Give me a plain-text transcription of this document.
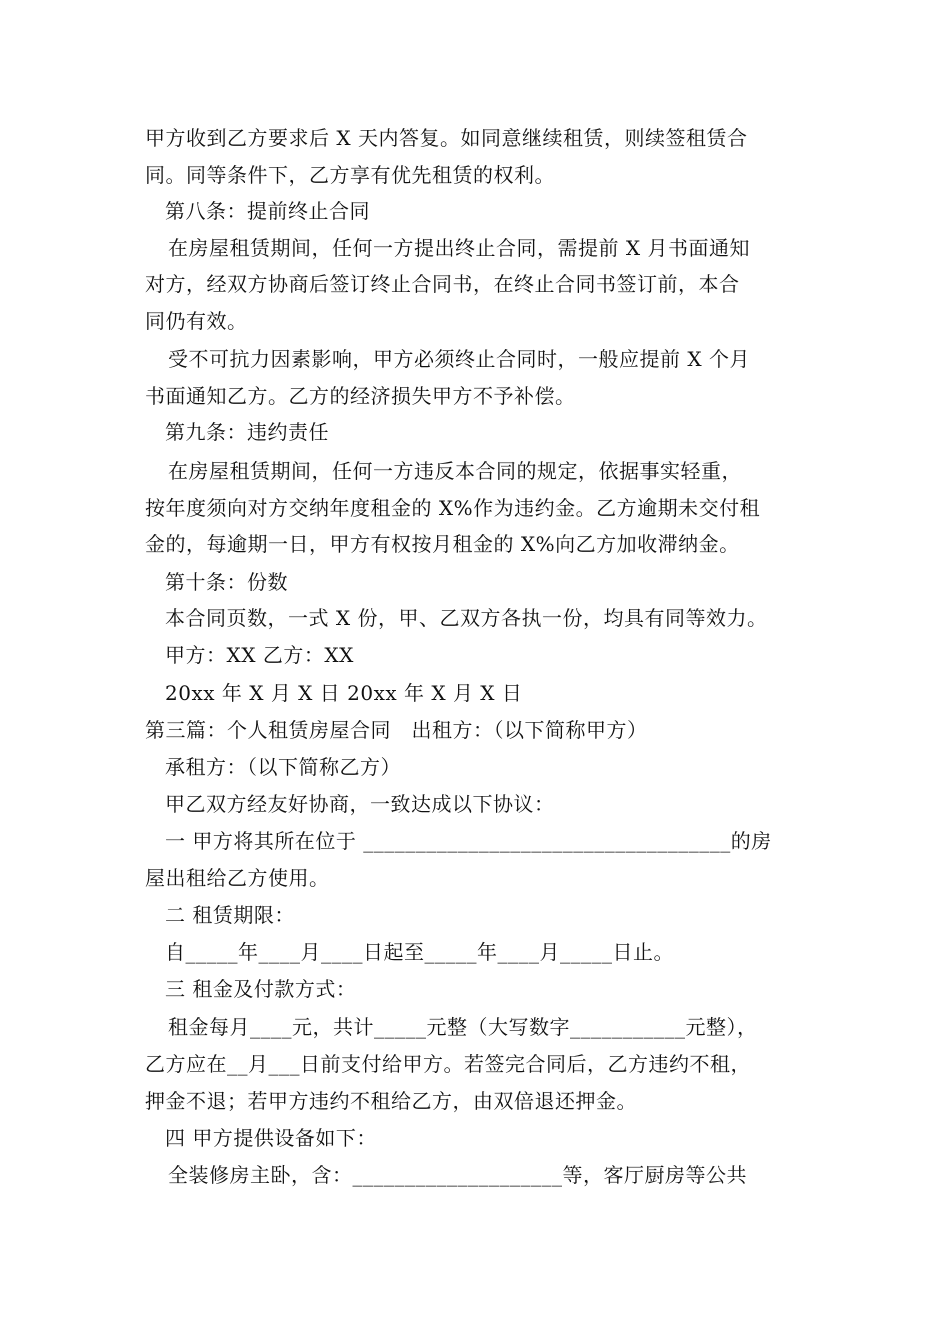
甲方收到乙方要求后 X 天内答复。如同意继续租赁，则续签租赁合
同。同等条件下，乙方享有优先租赁的权利。
第八条：提前终止合同
在房屋租赁期间，任何一方提出终止合同，需提前 X 月书面通知
对方，经双方协商后签订终止合同书，在终止合同书签订前，本合
同仍有效。
受不可抗力因素影响，甲方必须终止合同时，一般应提前 X 个月
书面通知乙方。乙方的经济损失甲方不予补偿。
第九条：违约责任
在房屋租赁期间，任何一方违反本合同的规定，依据事实轻重，
按年度须向对方交纳年度租金的 X%作为违约金。乙方逾期未交付租
金的，每逾期一日，甲方有权按月租金的 X%向乙方加收滞纳金。
第十条：份数
本合同页数，一式 X 份，甲、乙双方各执一份，均具有同等效力。
甲方：XX 乙方：XX
20xx 年 X 月 X 日 20xx 年 X 月 X 日
第三篇：个人租赁房屋合同　出租方：（以下简称甲方）
承租方：（以下简称乙方）
甲乙双方经友好协商，一致达成以下协议：
一 甲方将其所在位于 ___________________________________的房
屋出租给乙方使用。
二 租赁期限：
自_____年____月____日起至_____年____月_____日止。
三 租金及付款方式：
租金每月____元，共计_____元整（大写数字___________元整），
乙方应在__月___日前支付给甲方。若签完合同后，乙方违约不租，
押金不退；若甲方违约不租给乙方，由双倍退还押金。
四 甲方提供设备如下：
全装修房主卧，含：____________________等，客厅厨房等公共
